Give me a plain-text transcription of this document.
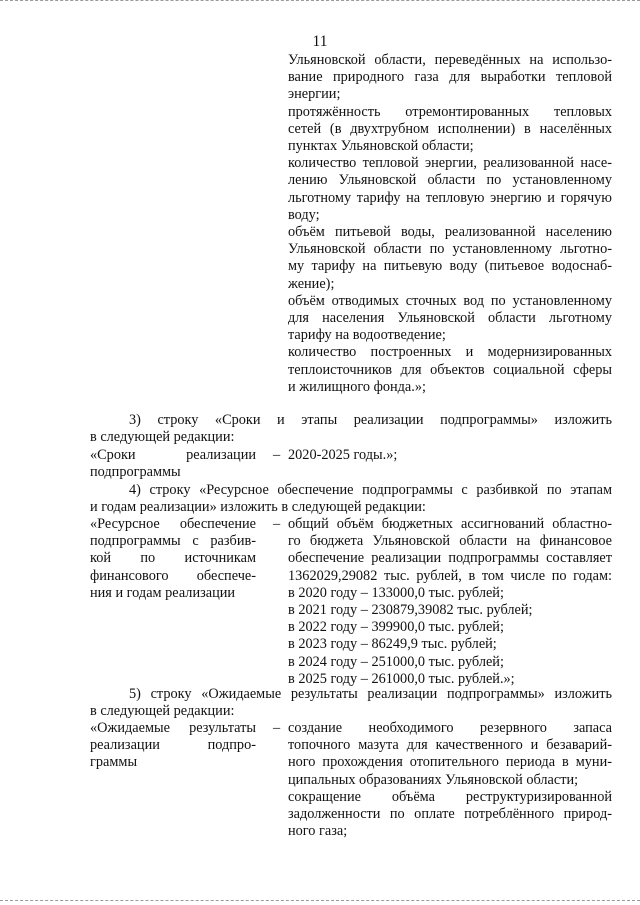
11

Ульяновской области, переведённых на использо-

вание природного газа для выработки тепловой

энергии;

протяжённость отремонтированных тепловых

сетей (в двухтрубном исполнении) в населённых

пунктах Ульяновской области;

количество тепловой энергии, реализованной насе-

лению Ульяновской области по установленному

льготному тарифу на тепловую энергию и горячую

воду;

объём питьевой воды, реализованной населению

Ульяновской области по установленному льготно-

му тарифу на питьевую воду (питьевое водоснаб-

жение);

объём отводимых сточных вод по установленному

для населения Ульяновской области льготному

тарифу на водоотведение;

количество построенных и модернизированных

теплоисточников для объектов социальной сферы

и жилищного фонда.»;

3) строку «Сроки и этапы реализации подпрограммы» изложить

в следующей редакции:

«Сроки реализации

подпрограммы

– 2020-2025 годы.»;

4) строку «Ресурсное обеспечение подпрограммы с разбивкой по этапам

и годам реализации» изложить в следующей редакции:

«Ресурсное обеспечение

подпрограммы с разбив-

кой по источникам

финансового обеспече-

ния и годам реализации

– общий объём бюджетных ассигнований областно-

го бюджета Ульяновской области на финансовое

обеспечение реализации подпрограммы составляет

1362029,29082 тыс. рублей, в том числе по годам:

в 2020 году – 133000,0 тыс. рублей;

в 2021 году – 230879,39082 тыс. рублей;

в 2022 году – 399900,0 тыс. рублей;

в 2023 году – 86249,9 тыс. рублей;

в 2024 году – 251000,0 тыс. рублей;

в 2025 году – 261000,0 тыс. рублей.»;

5) строку «Ожидаемые результаты реализации подпрограммы» изложить

в следующей редакции:

«Ожидаемые результаты

реализации подпро-

граммы

– создание необходимого резервного запаса

топочного мазута для качественного и безаварий-

ного прохождения отопительного периода в муни-

ципальных образованиях Ульяновской области;

сокращение объёма реструктуризированной

задолженности по оплате потреблённого природ-

ного газа;
